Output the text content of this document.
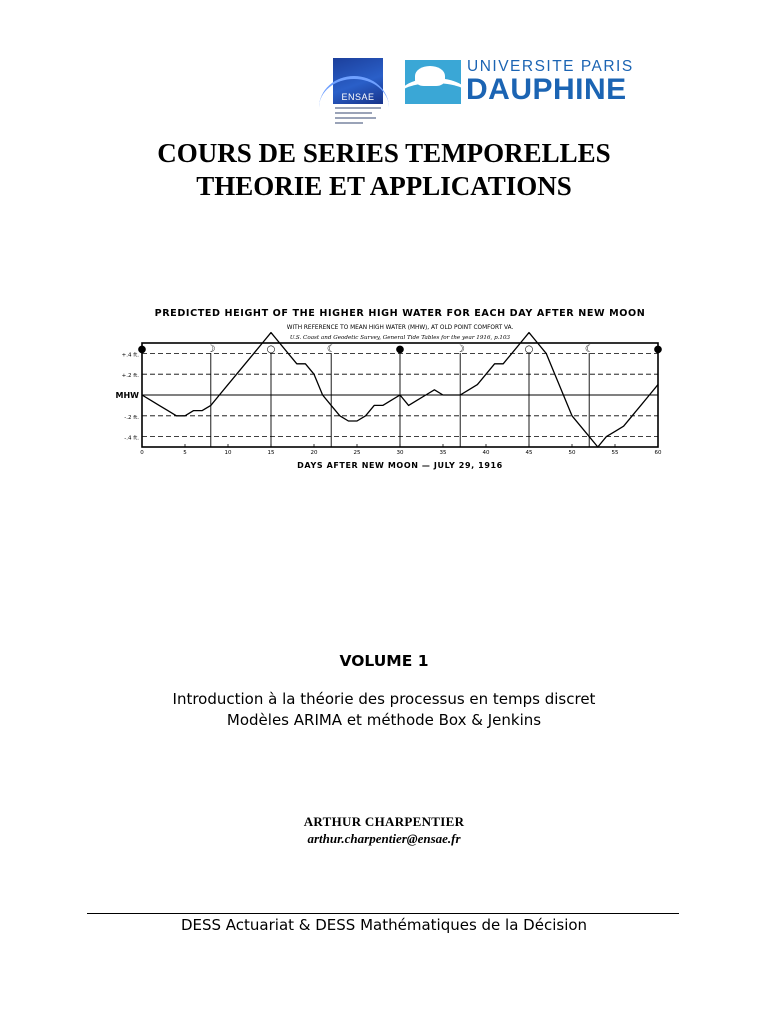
ENSAE
UNIVERSITE PARIS
DAUPHINE
COURS DE SERIES TEMPORELLES
THEORIE ET APPLICATIONS
PREDICTED HEIGHT OF THE HIGHER HIGH WATER FOR EACH DAY AFTER NEW MOON
WITH REFERENCE TO MEAN HIGH WATER (MHW), AT OLD POINT COMFORT VA.
U.S. Coast and Geodetic Survey, General Tide Tables for the year 1916, p.103
+.4 ft.
+.2 ft.
MHW
-.2 ft.
-.4 ft.
●	☽	○	☾	●	☽	○	☾	●
0	5	10	15	20	25	30	35	40	45	50	55	60
DAYS AFTER NEW MOON — JULY 29, 1916
VOLUME 1
Introduction à la théorie des processus en temps discret
Modèles ARIMA et méthode Box & Jenkins
ARTHUR CHARPENTIER
arthur.charpentier@ensae.fr
DESS Actuariat & DESS Mathématiques de la Décision
